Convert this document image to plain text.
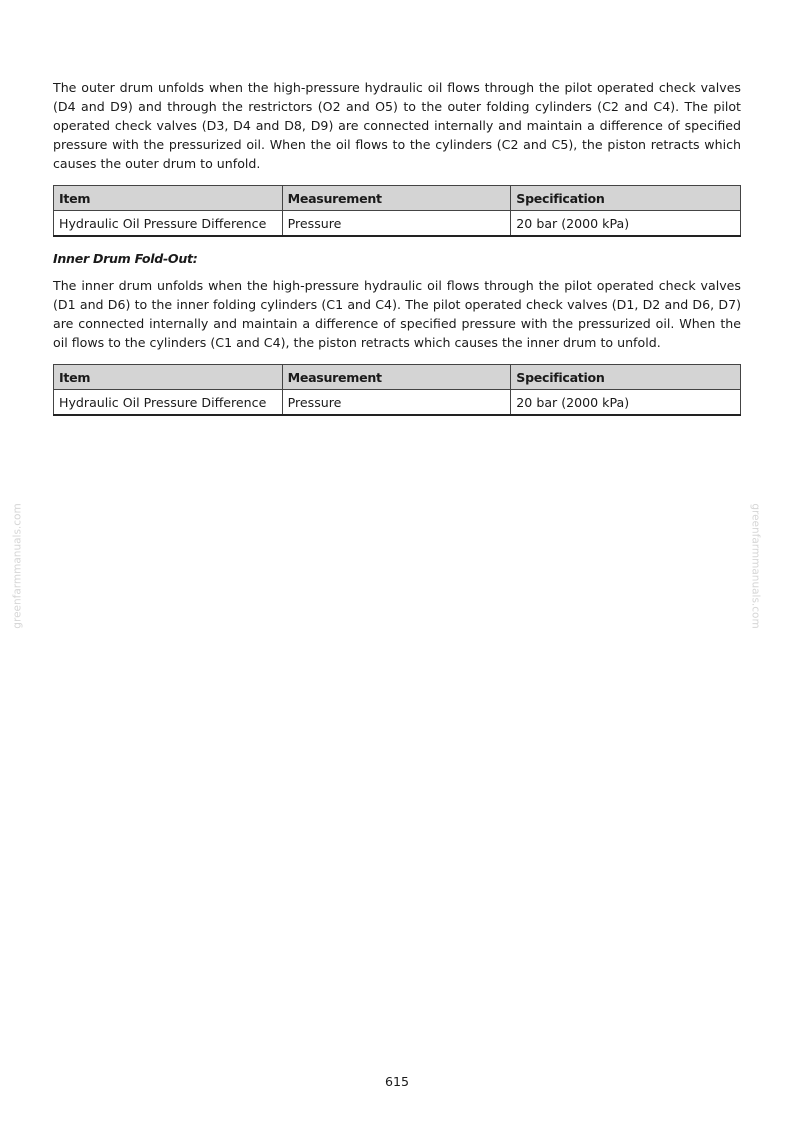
The outer drum unfolds when the high-pressure hydraulic oil flows through the pilot operated check valves (D4 and D9) and through the restrictors (O2 and O5) to the outer folding cylinders (C2 and C4). The pilot operated check valves (D3, D4 and D8, D9) are connected internally and maintain a difference of specified pressure with the pressurized oil. When the oil flows to the cylinders (C2 and C5), the piston retracts which causes the outer drum to unfold.

Item	Measurement	Specification
Hydraulic Oil Pressure Difference	Pressure	20 bar (2000 kPa)
Inner Drum Fold-Out:

The inner drum unfolds when the high-pressure hydraulic oil flows through the pilot operated check valves (D1 and D6) to the inner folding cylinders (C1 and C4). The pilot operated check valves (D1, D2 and D6, D7) are connected internally and maintain a difference of specified pressure with the pressurized oil. When the oil flows to the cylinders (C1 and C4), the piston retracts which causes the inner drum to unfold.

Item	Measurement	Specification
Hydraulic Oil Pressure Difference	Pressure	20 bar (2000 kPa)
greenfarmmanuals.com	greenfarmmanuals.com
615
